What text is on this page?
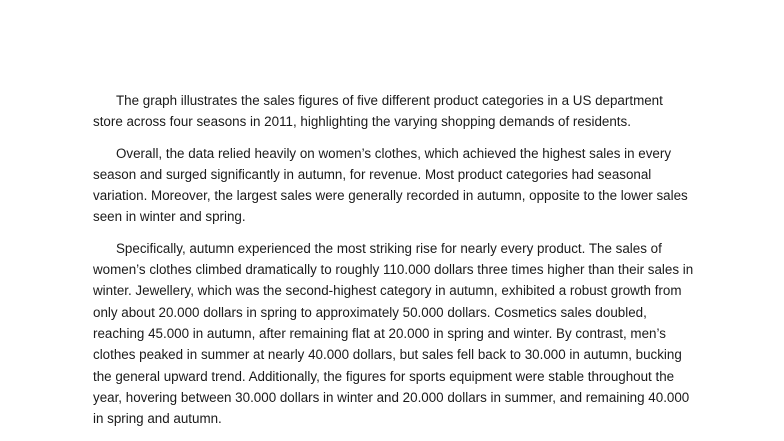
The graph illustrates the sales figures of five different product categories in a US department store across four seasons in 2011, highlighting the varying shopping demands of residents.

Overall, the data relied heavily on women’s clothes, which achieved the highest sales in every season and surged significantly in autumn, for revenue. Most product categories had seasonal variation. Moreover, the largest sales were generally recorded in autumn, opposite to the lower sales seen in winter and spring.

Specifically, autumn experienced the most striking rise for nearly every product. The sales of women’s clothes climbed dramatically to roughly 110.000 dollars three times higher than their sales in winter. Jewellery, which was the second-highest category in autumn, exhibited a robust growth from only about 20.000 dollars in spring to approximately 50.000 dollars. Cosmetics sales doubled, reaching 45.000 in autumn, after remaining flat at 20.000 in spring and winter. By contrast, men’s clothes peaked in summer at nearly 40.000 dollars, but sales fell back to 30.000 in autumn, bucking the general upward trend. Additionally, the figures for sports equipment were stable throughout the year, hovering between 30.000 dollars in winter and 20.000 dollars in summer, and remaining 40.000 in spring and autumn.
